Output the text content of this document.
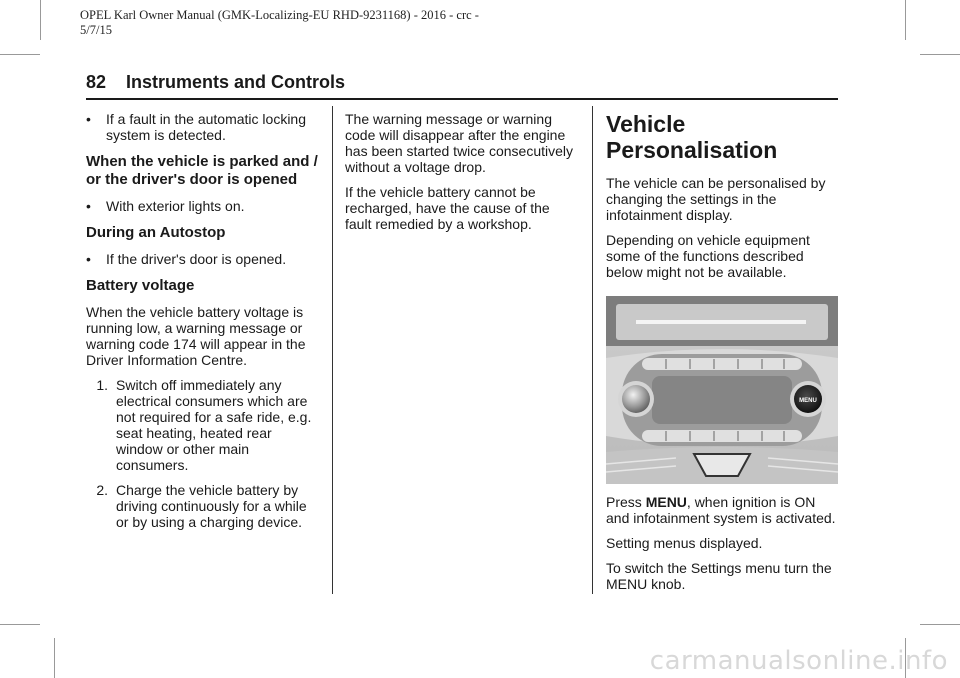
OPEL Karl Owner Manual (GMK-Localizing-EU RHD-9231168) - 2016 - crc -
5/7/15
82 Instruments and Controls
•	If a fault in the automatic locking system is detected.
When the vehicle is parked and / or the driver's door is opened
•	With exterior lights on.
During an Autostop
•	If the driver's door is opened.
Battery voltage

When the vehicle battery voltage is running low, a warning message or warning code 174 will appear in the Driver Information Centre.

1. Switch off immediately any electrical consumers which are not required for a safe ride, e.g. seat heating, heated rear window or other main consumers.
2. Charge the vehicle battery by driving continuously for a while or by using a charging device.

The warning message or warning code will disappear after the engine has been started twice consecutively without a voltage drop.

If the vehicle battery cannot be recharged, have the cause of the fault remedied by a workshop.

Vehicle Personalisation

The vehicle can be personalised by changing the settings in the infotainment display.

Depending on vehicle equipment some of the functions described below might not be available.

MENU

Press MENU, when ignition is ON and infotainment system is activated.

Setting menus displayed.

To switch the Settings menu turn the MENU knob.

carmanualsonline.info
